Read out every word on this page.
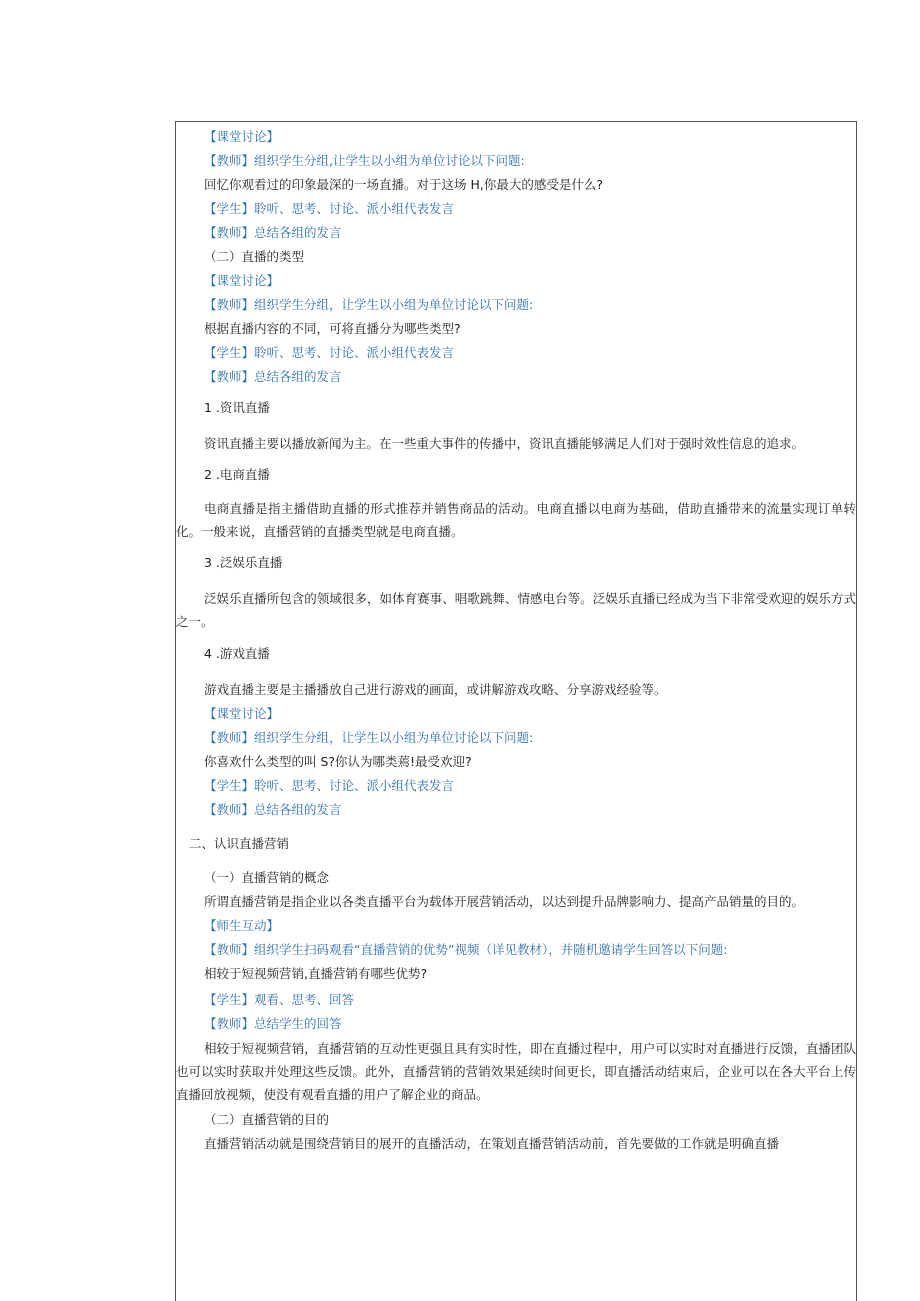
【课堂讨论】
【教师】组织学生分组,让学生以小组为单位讨论以下问题:
回忆你观看过的印象最深的一场直播。对于这场 H,你最大的感受是什么?
【学生】聆听、思考、讨论、派小组代表发言
【教师】总结各组的发言
（二）直播的类型
【课堂讨论】
【教师】组织学生分组，让学生以小组为单位讨论以下问题:
根据直播内容的不同，可将直播分为哪些类型?
【学生】聆听、思考、讨论、派小组代表发言
【教师】总结各组的发言
1 .资讯直播
资讯直播主要以播放新闻为主。在一些重大事件的传播中，资讯直播能够满足人们对于强时效性信息的追求。
2 .电商直播
电商直播是指主播借助直播的形式推荐并销售商品的活动。电商直播以电商为基础，借助直播带来的流量实现订单转化。一般来说，直播营销的直播类型就是电商直播。
3 .泛娱乐直播
泛娱乐直播所包含的领域很多，如体育赛事、唱歌跳舞、情感电台等。泛娱乐直播已经成为当下非常受欢迎的娱乐方式之一。
4 .游戏直播
游戏直播主要是主播播放自己进行游戏的画面，或讲解游戏攻略、分享游戏经验等。
【课堂讨论】
【教师】组织学生分组，让学生以小组为单位讨论以下问题:
你喜欢什么类型的叫 S?你认为哪类蔫!最受欢迎?
【学生】聆听、思考、讨论、派小组代表发言
【教师】总结各组的发言
二、认识直播营销
（一）直播营销的概念
所谓直播营销是指企业以各类直播平台为载体开展营销活动，以达到提升品牌影响力、提高产品销量的目的。
【师生互动】
【教师】组织学生扫码观看“直播营销的优势”视频（详见教材），并随机邀请学生回答以下问题:
相较于短视频营销,直播营销有哪些优势?
【学生】观看、思考、回答
【教师】总结学生的回答
相较于短视频营销，直播营销的互动性更强且具有实时性，即在直播过程中，用户可以实时对直播进行反馈，直播团队也可以实时获取并处理这些反馈。此外，直播营销的营销效果延续时间更长，即直播活动结束后，企业可以在各大平台上传直播回放视频，使没有观看直播的用户了解企业的商品。
（二）直播营销的目的
直播营销活动就是围绕营销目的展开的直播活动，在策划直播营销活动前，首先要做的工作就是明确直播
